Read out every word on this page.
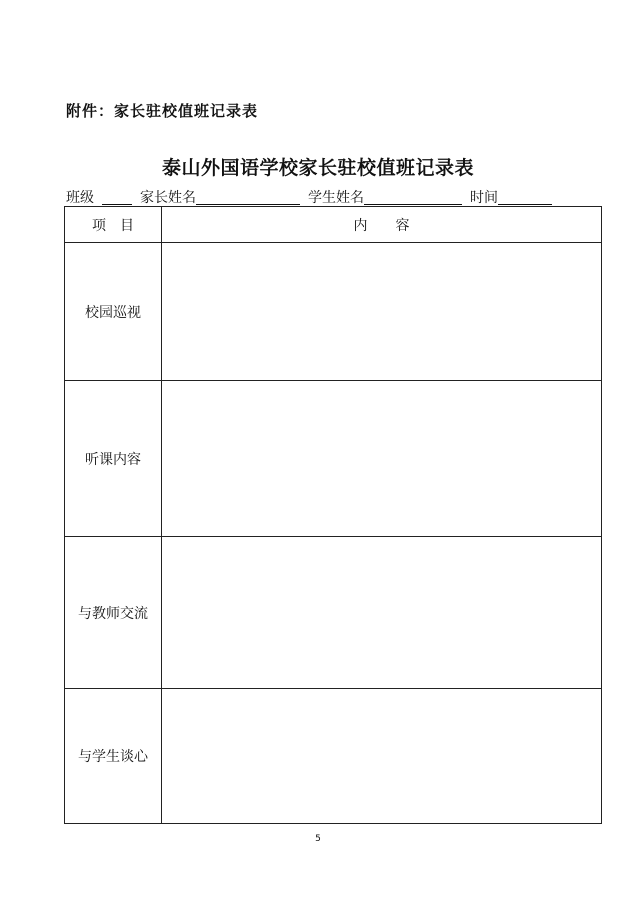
附件：家长驻校值班记录表
泰山外国语学校家长驻校值班记录表
班级	家长姓名	学生姓名	时间
项　目	内　　容
校园巡视	
听课内容	
与教师交流	
与学生谈心	
5
